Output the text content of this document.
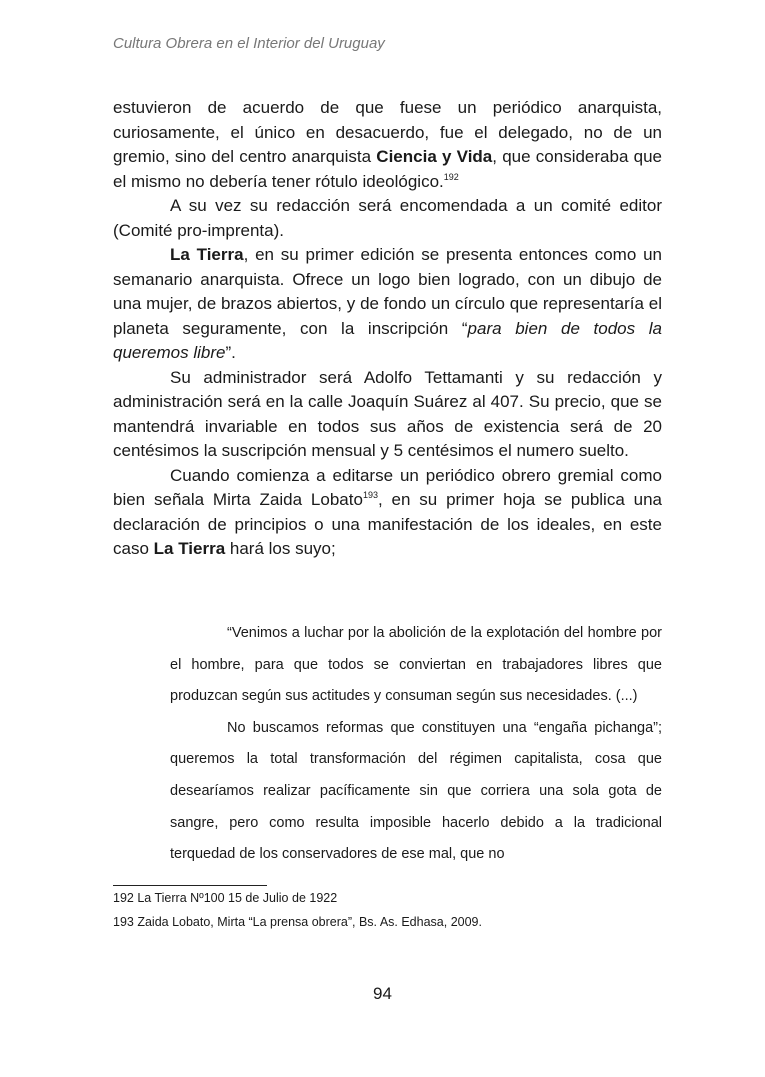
Cultura Obrera en el Interior del Uruguay

estuvieron de acuerdo de que fuese un periódico anarquista, curiosamente, el único en desacuerdo, fue el delegado, no de un gremio, sino del centro anarquista Ciencia y Vida, que consideraba que el mismo no debería tener rótulo ideológico.$^{192}$

A su vez su redacción será encomendada a un comité editor (Comité pro-imprenta).

La Tierra, en su primer edición se presenta entonces como un semanario anarquista. Ofrece un logo bien logrado, con un dibujo de una mujer, de brazos abiertos, y de fondo un círculo que representaría el planeta seguramente, con la inscripción “para bien de todos la queremos libre”.

Su administrador será Adolfo Tettamanti y su redacción y administración será en la calle Joaquín Suárez al 407. Su precio, que se mantendrá invariable en todos sus años de existencia será de 20 centésimos la suscripción mensual y 5 centésimos el numero suelto.

Cuando comienza a editarse un periódico obrero gremial como bien señala Mirta Zaida Lobato$^{193}$, en su primer hoja se publica una declaración de principios o una manifestación de los ideales, en este caso La Tierra hará los suyo;

“Venimos a luchar por la abolición de la explotación del hombre por el hombre, para que todos se conviertan en trabajadores libres que produzcan según sus actitudes y consuman según sus necesidades. (...)

No buscamos reformas que constituyen una “engaña pichanga”; queremos la total transformación del régimen capitalista, cosa que desearíamos realizar pacíficamente sin que corriera una sola gota de sangre, pero como resulta imposible hacerlo debido a la tradicional terquedad de los conservadores de ese mal, que no

192 La Tierra Nº100 15 de Julio de 1922
193 Zaida Lobato, Mirta “La prensa obrera”, Bs. As. Edhasa, 2009.
94
